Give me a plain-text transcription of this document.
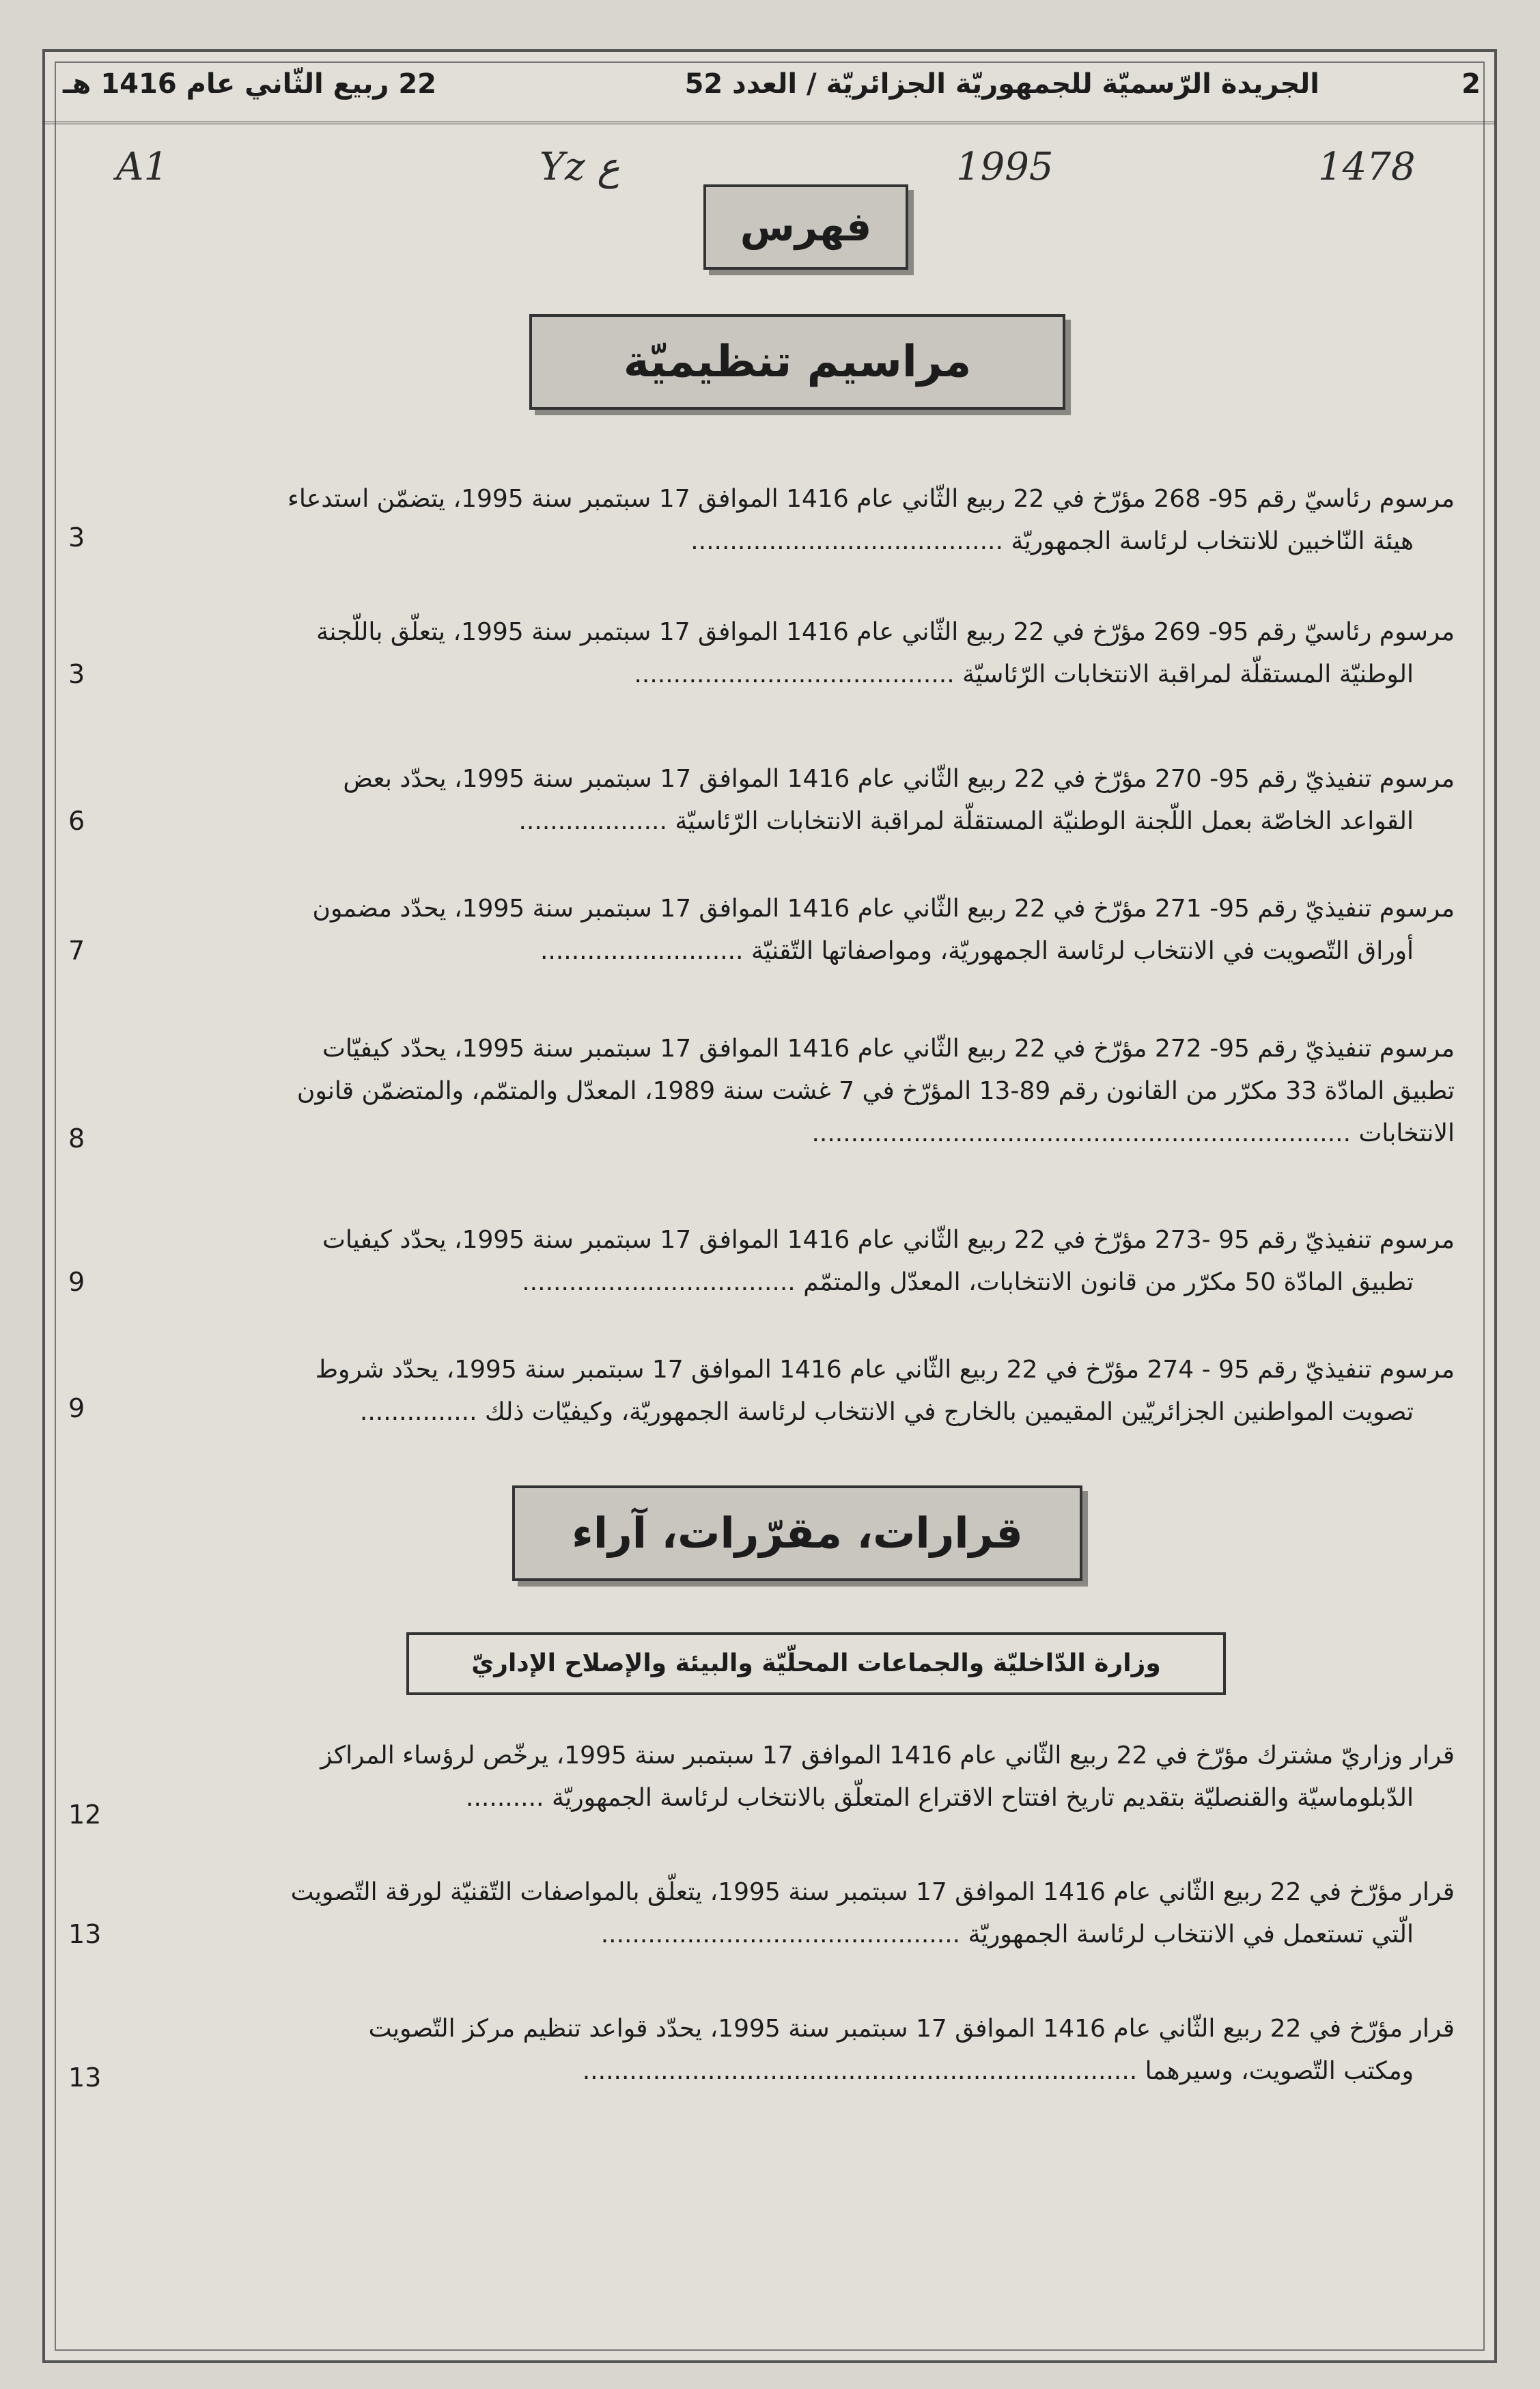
2
الجريدة الرّسميّة للجمهوريّة الجزائريّة / العدد 52
22 ربيع الثّاني عام 1416 هـ
A1	Yz ع	1995	1478
فهرس
مراسيم تنظيميّة
مرسوم رئاسيّ رقم 95- 268 مؤرّخ في 22 ربيع الثّاني عام 1416 الموافق 17 سبتمبر سنة 1995، يتضمّن استدعاء
هيئة النّاخبين للانتخاب لرئاسة الجمهوريّة ........................................
3
مرسوم رئاسيّ رقم 95- 269 مؤرّخ في 22 ربيع الثّاني عام 1416 الموافق 17 سبتمبر سنة 1995، يتعلّق باللّجنة
الوطنيّة المستقلّة لمراقبة الانتخابات الرّئاسيّة .........................................
3
مرسوم تنفيذيّ رقم 95- 270 مؤرّخ في 22 ربيع الثّاني عام 1416 الموافق 17 سبتمبر سنة 1995، يحدّد بعض
القواعد الخاصّة بعمل اللّجنة الوطنيّة المستقلّة لمراقبة الانتخابات الرّئاسيّة ...................
6
مرسوم تنفيذيّ رقم 95- 271 مؤرّخ في 22 ربيع الثّاني عام 1416 الموافق 17 سبتمبر سنة 1995، يحدّد مضمون
أوراق التّصويت في الانتخاب لرئاسة الجمهوريّة، ومواصفاتها التّقنيّة ..........................
7
مرسوم تنفيذيّ رقم 95- 272 مؤرّخ في 22 ربيع الثّاني عام 1416 الموافق 17 سبتمبر سنة 1995، يحدّد كيفيّات
تطبيق المادّة 33 مكرّر من القانون رقم 89-13 المؤرّخ في 7 غشت سنة 1989، المعدّل والمتمّم، والمتضمّن قانون
الانتخابات .....................................................................
8
مرسوم تنفيذيّ رقم 95 -273 مؤرّخ في 22 ربيع الثّاني عام 1416 الموافق 17 سبتمبر سنة 1995، يحدّد كيفيات
تطبيق المادّة 50 مكرّر من قانون الانتخابات، المعدّل والمتمّم ...................................
9
مرسوم تنفيذيّ رقم 95 - 274 مؤرّخ في 22 ربيع الثّاني عام 1416 الموافق 17 سبتمبر سنة 1995، يحدّد شروط
تصويت المواطنين الجزائريّين المقيمين بالخارج في الانتخاب لرئاسة الجمهوريّة، وكيفيّات ذلك ...............
9
قرارات، مقرّرات، آراء
وزارة الدّاخليّة والجماعات المحلّيّة والبيئة والإصلاح الإداريّ
قرار وزاريّ مشترك مؤرّخ في 22 ربيع الثّاني عام 1416 الموافق 17 سبتمبر سنة 1995، يرخّص لرؤساء المراكز
الدّبلوماسيّة والقنصليّة بتقديم تاريخ افتتاح الاقتراع المتعلّق بالانتخاب لرئاسة الجمهوريّة ..........
12
قرار مؤرّخ في 22 ربيع الثّاني عام 1416 الموافق 17 سبتمبر سنة 1995، يتعلّق بالمواصفات التّقنيّة لورقة التّصويت
الّتي تستعمل في الانتخاب لرئاسة الجمهوريّة ..............................................
13
قرار مؤرّخ في 22 ربيع الثّاني عام 1416 الموافق 17 سبتمبر سنة 1995، يحدّد قواعد تنظيم مركز التّصويت
ومكتب التّصويت، وسيرهما .......................................................................
13
